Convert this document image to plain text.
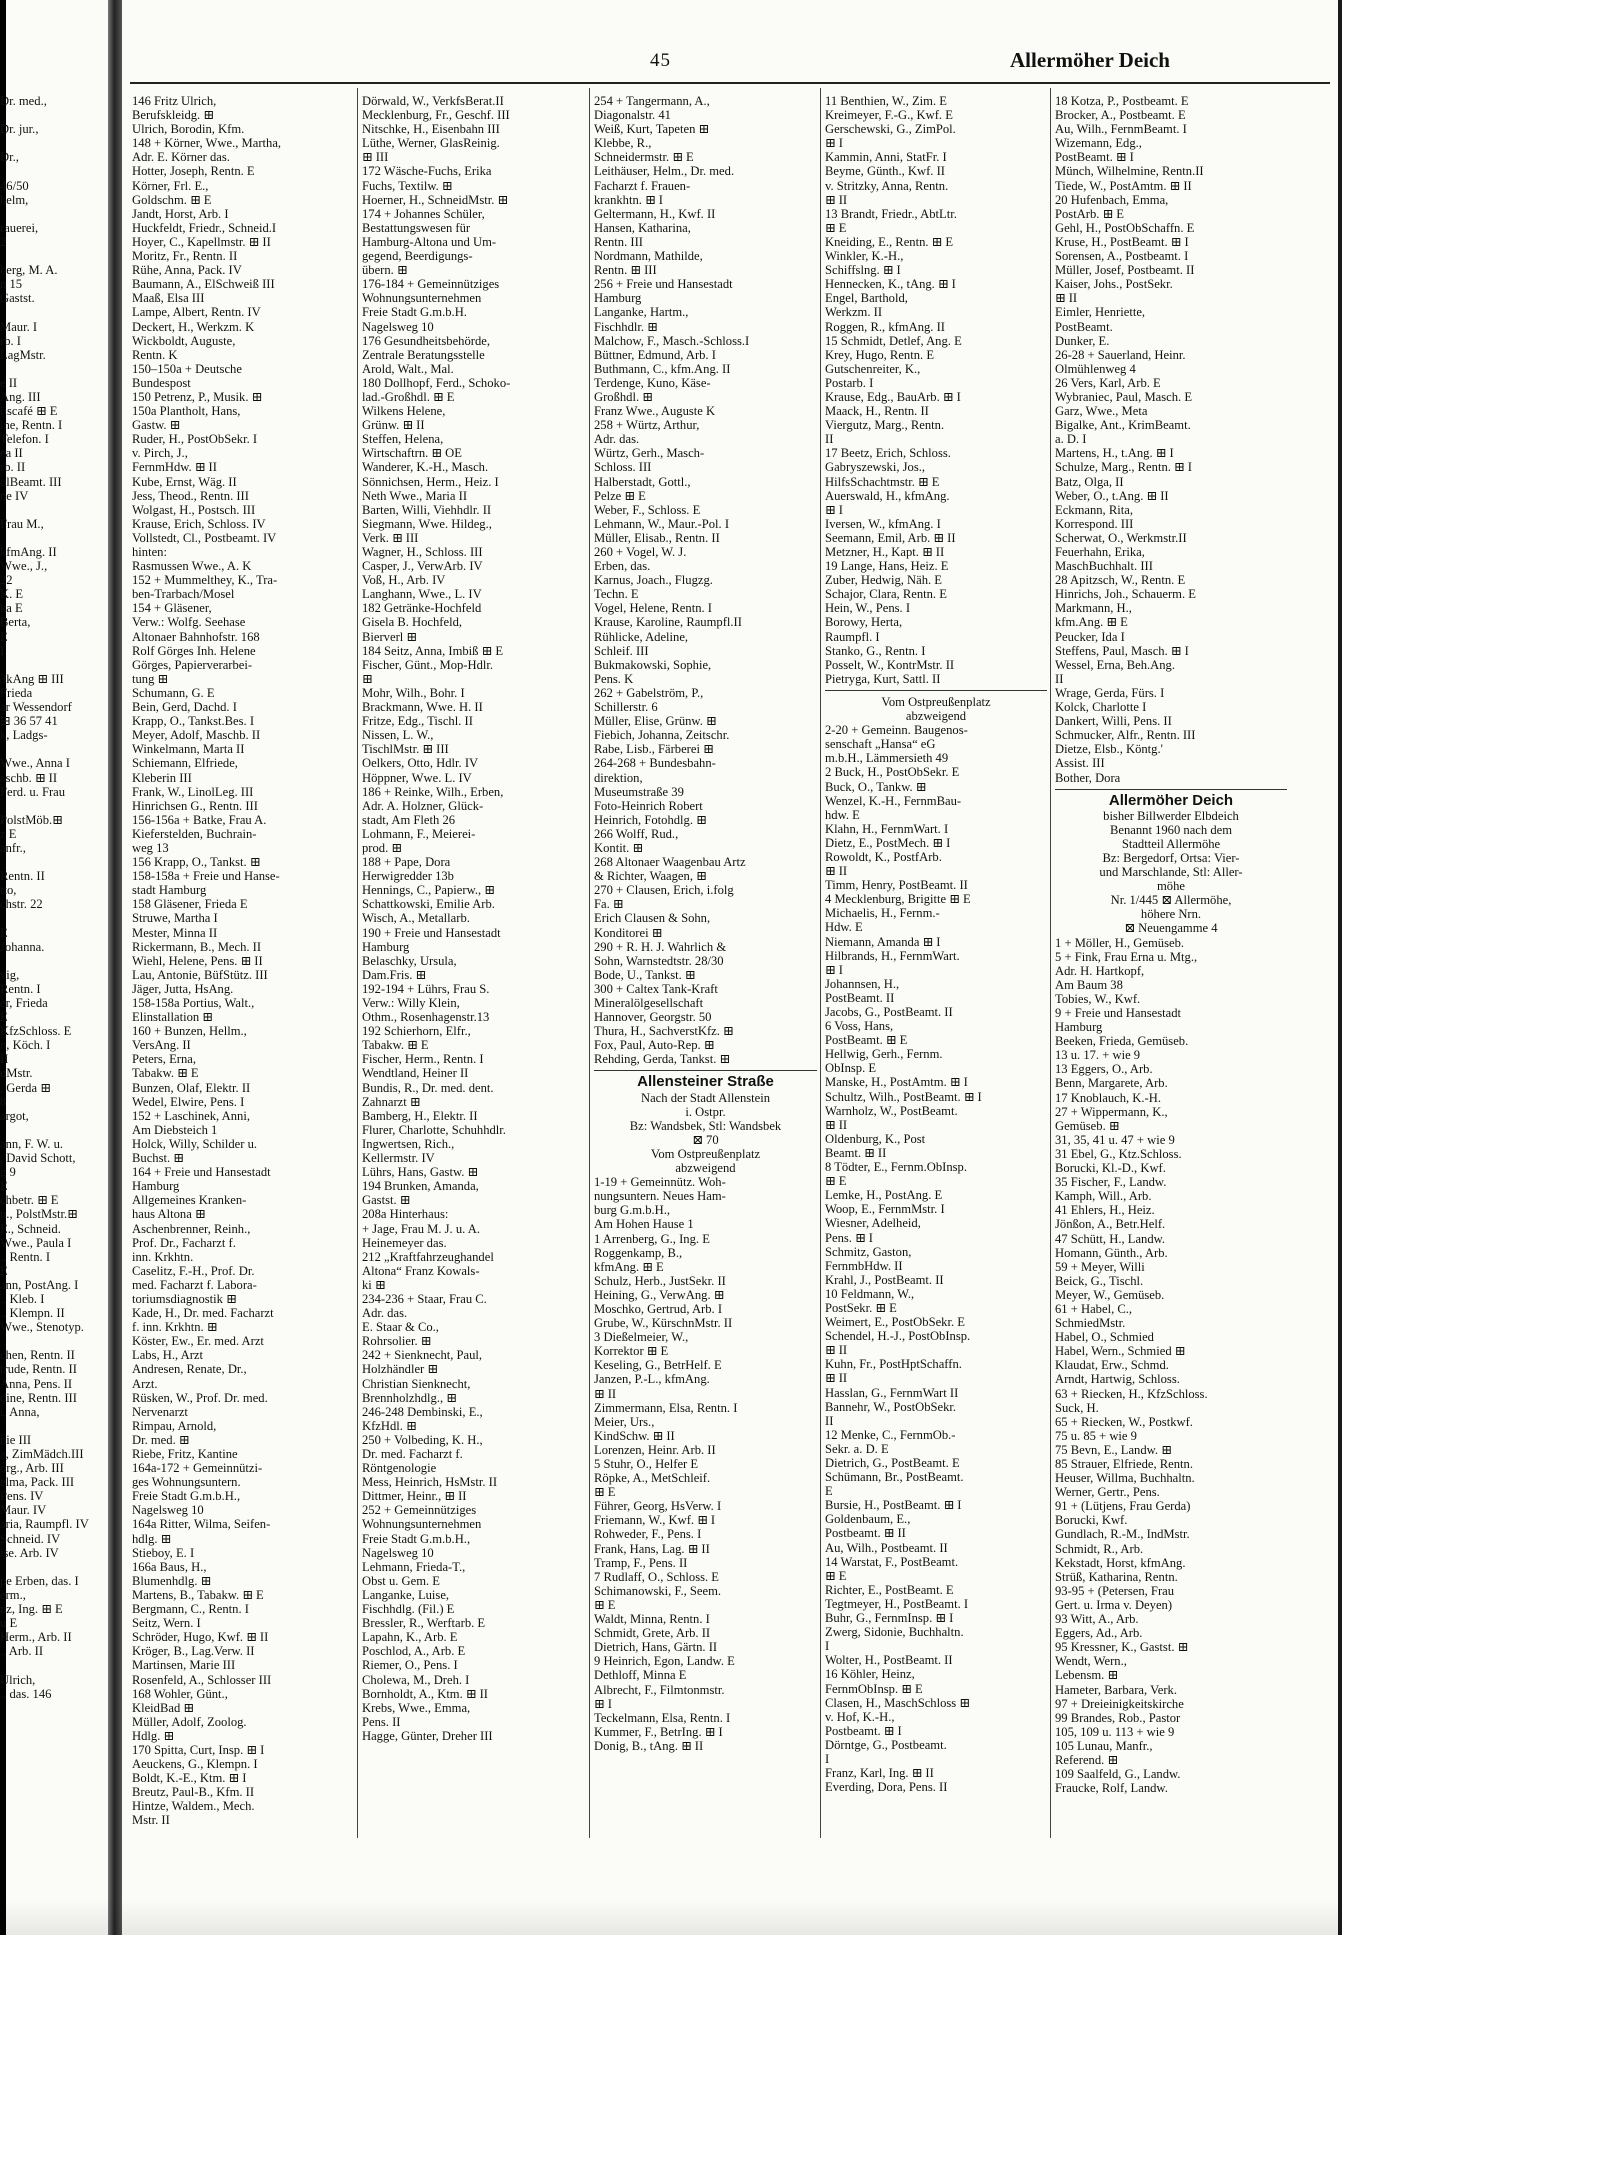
Dr. med.,

Dr. jur.,

Dr.,

46/50
helm,

rauerei,
2

berg, M. A.
n 15
Gastst.

Maur. I
rb. I
LagMstr.

e II
Ang. III
iiscafé ⊞ E
ine, Rentn. I
Telefon. I
ea II
rb. II
olBeamt. III
ne IV

Frau M.,

kfmAng. II
Wwe., J.,
22
K. E
ka E
Berta,
E
I

3kAng ⊞ III
Frieda
ar Wessendorf
⊞ 36 57 41
k, Ladgs-

Wwe., Anna I
aschb. ⊞ II
Ferd. u. Frau

PolstMöb.⊞
z E
anfr.,

Rentn. II
tto,
chstr. 22

E
Johanna.

vig,
Rentn. I
er, Frieda
E
KfzSchloss. E
n, Köch. I
II
uMstr.
, Gerda ⊞
8
argot,

ann, F. W. u.
, David Schott,
g 9
E
chbetr. ⊞ E
n., PolstMstr.⊞
E., Schneid.
Wwe., Paula I
., Rentn. I
E
ann, PostAng. I
., Kleb. I
., Klempn. II
Wwe., Stenotyp.

chen, Rentn. II
trude, Rentn. II
Anna, Pens. II
dine, Rentn. III
i, Anna,

nie III
a, ZimMädch.III
org., Arb. III
elma, Pack. III
Pens. IV
Maur. IV
aria, Raumpfl. IV
Schneid. IV
ise. Arb. IV

pe Erben, das. I
erm.,
nz, Ing. ⊞ E
u E
Herm., Arb. II
., Arb. II

Ulrich,
., das. 146
45	Allermöher Deich
146 Fritz Ulrich,
Berufskleidg. ⊞
Ulrich, Borodin, Kfm.
148 + Körner, Wwe., Martha,
Adr. E. Körner das.
Hotter, Joseph, Rentn. E
Körner, Frl. E.,
Goldschm. ⊞ E
Jandt, Horst, Arb. I
Huckfeldt, Friedr., Schneid.I
Hoyer, C., Kapellmstr. ⊞ II
Moritz, Fr., Rentn. II
Rühe, Anna, Pack. IV
Baumann, A., ElSchweiß III
Maaß, Elsa III
Lampe, Albert, Rentn. IV
Deckert, H., Werkzm. K
Wickboldt, Auguste,
Rentn. K
150–150a + Deutsche
Bundespost
150 Petrenz, P., Musik. ⊞
150a Plantholt, Hans,
Gastw. ⊞
Ruder, H., PostObSekr. I
v. Pirch, J.,
FernmHdw. ⊞ II
Kube, Ernst, Wäg. II
Jess, Theod., Rentn. III
Wolgast, H., Postsch. III
Krause, Erich, Schloss. IV
Vollstedt, Cl., Postbeamt. IV
hinten:
Rasmussen Wwe., A. K
152 + Mummelthey, K., Tra-
ben-Trarbach/Mosel
154 + Gläsener,
Verw.: Wolfg. Seehase
Altonaer Bahnhofstr. 168
Rolf Görges Inh. Helene
Görges, Papierverarbei-
tung ⊞
Schumann, G. E
Bein, Gerd, Dachd. I
Krapp, O., Tankst.Bes. I
Meyer, Adolf, Maschb. II
Winkelmann, Marta II
Schiemann, Elfriede,
Kleberin III
Frank, W., LinolLeg. III
Hinrichsen G., Rentn. III
156-156a + Batke, Frau A.
Kieferstelden, Buchrain-
weg 13
156 Krapp, O., Tankst. ⊞
158-158a + Freie und Hanse-
stadt Hamburg
158 Gläsener, Frieda E
Struwe, Martha I
Mester, Minna II
Rickermann, B., Mech. II
Wiehl, Helene, Pens. ⊞ II
Lau, Antonie, BüfStütz. III
Jäger, Jutta, HsAng.
158-158a Portius, Walt.,
Elinstallation ⊞
160 + Bunzen, Hellm.,
VersAng. II
Peters, Erna,
Tabakw. ⊞ E
Bunzen, Olaf, Elektr. II
Wedel, Elwire, Pens. I
152 + Laschinek, Anni,
Am Diebsteich 1
Holck, Willy, Schilder u.
Buchst. ⊞
164 + Freie und Hansestadt
Hamburg
Allgemeines Kranken-
haus Altona ⊞
Aschenbrenner, Reinh.,
Prof. Dr., Facharzt f.
inn. Krkhtn.
Caselitz, F.-H., Prof. Dr.
med. Facharzt f. Labora-
toriumsdiagnostik ⊞
Kade, H., Dr. med. Facharzt
f. inn. Krkhtn. ⊞
Köster, Ew., Er. med. Arzt
Labs, H., Arzt
Andresen, Renate, Dr.,
Arzt.
Rüsken, W., Prof. Dr. med.
Nervenarzt
Rimpau, Arnold,
Dr. med. ⊞
Riebe, Fritz, Kantine
164a-172 + Gemeinnützi-
ges Wohnungsuntern.
Freie Stadt G.m.b.H.,
Nagelsweg 10
164a Ritter, Wilma, Seifen-
hdlg. ⊞
Stieboy, E. I
166a Baus, H.,
Blumenhdlg. ⊞
Martens, B., Tabakw. ⊞ E
Bergmann, C., Rentn. I
Seitz, Wern. I
Schröder, Hugo, Kwf. ⊞ II
Kröger, B., Lag.Verw. II
Martinsen, Marie III
Rosenfeld, A., Schlosser III
168 Wohler, Günt.,
KleidBad ⊞
Müller, Adolf, Zoolog.
Hdlg. ⊞
170 Spitta, Curt, Insp. ⊞ I
Aeuckens, G., Klempn. I
Boldt, K.-E., Ktm. ⊞ I
Breutz, Paul-B., Kfm. II
Hintze, Waldem., Mech.
Mstr. II
Dörwald, W., VerkfsBerat.II
Mecklenburg, Fr., Geschf. III
Nitschke, H., Eisenbahn III
Lüthe, Werner, GlasReinig.
⊞ III
172 Wäsche-Fuchs, Erika
Fuchs, Textilw. ⊞
Hoerner, H., SchneidMstr. ⊞
174 + Johannes Schüler,
Bestattungswesen für
Hamburg-Altona und Um-
gegend, Beerdigungs-
übern. ⊞
176-184 + Gemeinnütziges
Wohnungsunternehmen
Freie Stadt G.m.b.H.
Nagelsweg 10
176 Gesundheitsbehörde,
Zentrale Beratungsstelle
Arold, Walt., Mal.
180 Dollhopf, Ferd., Schoko-
lad.-Großhdl. ⊞ E
Wilkens Helene,
Grünw. ⊞ II
Steffen, Helena,
Wirtschaftrn. ⊞ OE
Wanderer, K.-H., Masch.
Sönnichsen, Herm., Heiz. I
Neth Wwe., Maria II
Barten, Willi, Viehhdlr. II
Siegmann, Wwe. Hildeg.,
Verk. ⊞ III
Wagner, H., Schloss. III
Casper, J., VerwArb. IV
Voß, H., Arb. IV
Langhann, Wwe., L. IV
182 Getränke-Hochfeld
Gisela B. Hochfeld,
Bierverl ⊞
184 Seitz, Anna, Imbiß ⊞ E
Fischer, Günt., Mop-Hdlr.
⊞
Mohr, Wilh., Bohr. I
Brackmann, Wwe. H. II
Fritze, Edg., Tischl. II
Nissen, L. W.,
TischlMstr. ⊞ III
Oelkers, Otto, Hdlr. IV
Höppner, Wwe. L. IV
186 + Reinke, Wilh., Erben,
Adr. A. Holzner, Glück-
stadt, Am Fleth 26
Lohmann, F., Meierei-
prod. ⊞
188 + Pape, Dora
Herwigredder 13b
Hennings, C., Papierw., ⊞
Schattkowski, Emilie Arb.
Wisch, A., Metallarb.
190 + Freie und Hansestadt
Hamburg
Belaschky, Ursula,
Dam.Fris. ⊞
192-194 + Lührs, Frau S.
Verw.: Willy Klein,
Othm., Rosenhagenstr.13
192 Schierhorn, Elfr.,
Tabakw. ⊞ E
Fischer, Herm., Rentn. I
Wendtland, Heiner II
Bundis, R., Dr. med. dent.
Zahnarzt ⊞
Bamberg, H., Elektr. II
Flurer, Charlotte, Schuhhdlr.
Ingwertsen, Rich.,
Kellermstr. IV
Lührs, Hans, Gastw. ⊞
194 Brunken, Amanda,
Gastst. ⊞
208a Hinterhaus:
+ Jage, Frau M. J. u. A.
Heinemeyer das.
212 „Kraftfahrzeughandel
Altona“ Franz Kowals-
ki ⊞
234-236 + Staar, Frau C.
Adr. das.
E. Staar & Co.,
Rohrsolier. ⊞
242 + Sienknecht, Paul,
Holzhändler ⊞
Christian Sienknecht,
Brennholzhdlg., ⊞
246-248 Dembinski, E.,
KfzHdl. ⊞
250 + Volbeding, K. H.,
Dr. med. Facharzt f.
Röntgenologie
Mess, Heinrich, HsMstr. II
Dittmer, Heinr., ⊞ II
252 + Gemeinnütziges
Wohnungsunternehmen
Freie Stadt G.m.b.H.,
Nagelsweg 10
Lehmann, Frieda-T.,
Obst u. Gem. E
Langanke, Luise,
Fischhdlg. (Fil.) E
Bressler, R., Werftarb. E
Lapahn, K., Arb. E
Poschlod, A., Arb. E
Riemer, O., Pens. I
Cholewa, M., Dreh. I
Bornholdt, A., Ktm. ⊞ II
Krebs, Wwe., Emma,
Pens. II
Hagge, Günter, Dreher III
254 + Tangermann, A.,
Diagonalstr. 41
Weiß, Kurt, Tapeten ⊞
Klebbe, R.,
Schneidermstr. ⊞ E
Leithäuser, Helm., Dr. med.
Facharzt f. Frauen-
krankhtn. ⊞ I
Geltermann, H., Kwf. II
Hansen, Katharina,
Rentn. III
Nordmann, Mathilde,
Rentn. ⊞ III
256 + Freie und Hansestadt
Hamburg
Langanke, Hartm.,
Fischhdlr. ⊞
Malchow, F., Masch.-Schloss.I
Büttner, Edmund, Arb. I
Buthmann, C., kfm.Ang. II
Terdenge, Kuno, Käse-
Großhdl. ⊞
Franz Wwe., Auguste K
258 + Würtz, Arthur,
Adr. das.
Würtz, Gerh., Masch-
Schloss. III
Halberstadt, Gottl.,
Pelze ⊞ E
Weber, F., Schloss. E
Lehmann, W., Maur.-Pol. I
Müller, Elisab., Rentn. II
260 + Vogel, W. J.
Erben, das.
Karnus, Joach., Flugzg.
Techn. E
Vogel, Helene, Rentn. I
Krause, Karoline, Raumpfl.II
Rühlicke, Adeline,
Schleif. III
Bukmakowski, Sophie,
Pens. K
262 + Gabelström, P.,
Schillerstr. 6
Müller, Elise, Grünw. ⊞
Fiebich, Johanna, Zeitschr.
Rabe, Lisb., Färberei ⊞
264-268 + Bundesbahn-
direktion,
Museumstraße 39
Foto-Heinrich Robert
Heinrich, Fotohdlg. ⊞
266 Wolff, Rud.,
Kontit. ⊞
268 Altonaer Waagenbau Artz
& Richter, Waagen, ⊞
270 + Clausen, Erich, i.folg
Fa. ⊞
Erich Clausen & Sohn,
Konditorei ⊞
290 + R. H. J. Wahrlich &
Sohn, Warnstedtstr. 28/30
Bode, U., Tankst. ⊞
300 + Caltex Tank-Kraft
Mineralölgesellschaft
Hannover, Georgstr. 50
Thura, H., SachverstKfz. ⊞
Fox, Paul, Auto-Rep. ⊞
Rehding, Gerda, Tankst. ⊞
Allensteiner Straße
Nach der Stadt Allenstein
i. Ostpr.
Bz: Wandsbek, Stl: Wandsbek
⊠ 70
Vom Ostpreußenplatz
abzweigend
1-19 + Gemeinnütz. Woh-
nungsuntern. Neues Ham-
burg G.m.b.H.,
Am Hohen Hause 1
1 Arrenberg, G., Ing. E
Roggenkamp, B.,
kfmAng. ⊞ E
Schulz, Herb., JustSekr. II
Heining, G., VerwAng. ⊞
Moschko, Gertrud, Arb. I
Grube, W., KürschnMstr. II
3 Dießelmeier, W.,
Korrektor ⊞ E
Keseling, G., BetrHelf. E
Janzen, P.-L., kfmAng.
⊞ II
Zimmermann, Elsa, Rentn. I
Meier, Urs.,
KindSchw. ⊞ II
Lorenzen, Heinr. Arb. II
5 Stuhr, O., Helfer E
Röpke, A., MetSchleif.
⊞ E
Führer, Georg, HsVerw. I
Friemann, W., Kwf. ⊞ I
Rohweder, F., Pens. I
Frank, Hans, Lag. ⊞ II
Tramp, F., Pens. II
7 Rudlaff, O., Schloss. E
Schimanowski, F., Seem.
⊞ E
Waldt, Minna, Rentn. I
Schmidt, Grete, Arb. II
Dietrich, Hans, Gärtn. II
9 Heinrich, Egon, Landw. E
Dethloff, Minna E
Albrecht, F., Filmtonmstr.
⊞ I
Teckelmann, Elsa, Rentn. I
Kummer, F., BetrIng. ⊞ I
Donig, B., tAng. ⊞ II
11 Benthien, W., Zim. E
Kreimeyer, F.-G., Kwf. E
Gerschewski, G., ZimPol.
⊞ I
Kammin, Anni, StatFr. I
Beyme, Günth., Kwf. II
v. Stritzky, Anna, Rentn.
⊞ II
13 Brandt, Friedr., AbtLtr.
⊞ E
Kneiding, E., Rentn. ⊞ E
Winkler, K.-H.,
Schiffslng. ⊞ I
Hennecken, K., tAng. ⊞ I
Engel, Barthold,
Werkzm. II
Roggen, R., kfmAng. II
15 Schmidt, Detlef, Ang. E
Krey, Hugo, Rentn. E
Gutschenreiter, K.,
Postarb. I
Krause, Edg., BauArb. ⊞ I
Maack, H., Rentn. II
Viergutz, Marg., Rentn.
II
17 Beetz, Erich, Schloss.
Gabryszewski, Jos.,
HilfsSchachtmstr. ⊞ E
Auerswald, H., kfmAng.
⊞ I
Iversen, W., kfmAng. I
Seemann, Emil, Arb. ⊞ II
Metzner, H., Kapt. ⊞ II
19 Lange, Hans, Heiz. E
Zuber, Hedwig, Näh. E
Schajor, Clara, Rentn. E
Hein, W., Pens. I
Borowy, Herta,
Raumpfl. I
Stanko, G., Rentn. I
Posselt, W., KontrMstr. II
Pietryga, Kurt, Sattl. II
Vom Ostpreußenplatz
abzweigend
2-20 + Gemeinn. Baugenos-
senschaft „Hansa“ eG
m.b.H., Lämmersieth 49
2 Buck, H., PostObSekr. E
Buck, O., Tankw. ⊞
Wenzel, K.-H., FernmBau-
hdw. E
Klahn, H., FernmWart. I
Dietz, E., PostMech. ⊞ I
Rowoldt, K., PostfArb.
⊞ II
Timm, Henry, PostBeamt. II
4 Mecklenburg, Brigitte ⊞ E
Michaelis, H., Fernm.-
Hdw. E
Niemann, Amanda ⊞ I
Hilbrands, H., FernmWart.
⊞ I
Johannsen, H.,
PostBeamt. II
Jacobs, G., PostBeamt. II
6 Voss, Hans,
PostBeamt. ⊞ E
Hellwig, Gerh., Fernm.
ObInsp. E
Manske, H., PostAmtm. ⊞ I
Schultz, Wilh., PostBeamt. ⊞ I
Warnholz, W., PostBeamt.
⊞ II
Oldenburg, K., Post
Beamt. ⊞ II
8 Tödter, E., Fernm.ObInsp.
⊞ E
Lemke, H., PostAng. E
Woop, E., FernmMstr. I
Wiesner, Adelheid,
Pens. ⊞ I
Schmitz, Gaston,
FernmbHdw. II
Krahl, J., PostBeamt. II
10 Feldmann, W.,
PostSekr. ⊞ E
Weimert, E., PostObSekr. E
Schendel, H.-J., PostObInsp.
⊞ II
Kuhn, Fr., PostHptSchaffn.
⊞ II
Hasslan, G., FernmWart II
Bannehr, W., PostObSekr.
II
12 Menke, C., FernmOb.-
Sekr. a. D. E
Dietrich, G., PostBeamt. E
Schümann, Br., PostBeamt.
E
Bursie, H., PostBeamt. ⊞ I
Goldenbaum, E.,
Postbeamt. ⊞ II
Au, Wilh., Postbeamt. II
14 Warstat, F., PostBeamt.
⊞ E
Richter, E., PostBeamt. E
Tegtmeyer, H., PostBeamt. I
Buhr, G., FernmInsp. ⊞ I
Zwerg, Sidonie, Buchhaltn.
I
Wolter, H., PostBeamt. II
16 Köhler, Heinz,
FernmObInsp. ⊞ E
Clasen, H., MaschSchloss ⊞
v. Hof, K.-H.,
Postbeamt. ⊞ I
Dörntge, G., Postbeamt.
I
Franz, Karl, Ing. ⊞ II
Everding, Dora, Pens. II
18 Kotza, P., Postbeamt. E
Brocker, A., Postbeamt. E
Au, Wilh., FernmBeamt. I
Wizemann, Edg.,
PostBeamt. ⊞ I
Münch, Wilhelmine, Rentn.II
Tiede, W., PostAmtm. ⊞ II
20 Hufenbach, Emma,
PostArb. ⊞ E
Gehl, H., PostObSchaffn. E
Kruse, H., PostBeamt. ⊞ I
Sorensen, A., Postbeamt. I
Müller, Josef, Postbeamt. II
Kaiser, Johs., PostSekr.
⊞ II
Eimler, Henriette,
PostBeamt.
Dunker, E.
26-28 + Sauerland, Heinr.
Olmühlenweg 4
26 Vers, Karl, Arb. E
Wybraniec, Paul, Masch. E
Garz, Wwe., Meta
Bigalke, Ant., KrimBeamt.
a. D. I
Martens, H., t.Ang. ⊞ I
Schulze, Marg., Rentn. ⊞ I
Batz, Olga, II
Weber, O., t.Ang. ⊞ II
Eckmann, Rita,
Korrespond. III
Scherwat, O., Werkmstr.II
Feuerhahn, Erika,
MaschBuchhalt. III
28 Apitzsch, W., Rentn. E
Hinrichs, Joh., Schauerm. E
Markmann, H.,
kfm.Ang. ⊞ E
Peucker, Ida I
Steffens, Paul, Masch. ⊞ I
Wessel, Erna, Beh.Ang.
II
Wrage, Gerda, Fürs. I
Kolck, Charlotte I
Dankert, Willi, Pens. II
Schmucker, Alfr., Rentn. III
Dietze, Elsb., Köntg.'
Assist. III
Bother, Dora
Allermöher Deich
bisher Billwerder Elbdeich
Benannt 1960 nach dem
Stadtteil Allermöhe
Bz: Bergedorf, Ortsa: Vier-
und Marschlande, Stl: Aller-
möhe
Nr. 1/445 ⊠ Allermöhe,
höhere Nrn.
⊠ Neuengamme 4
1 + Möller, H., Gemüseb.
5 + Fink, Frau Erna u. Mtg.,
Adr. H. Hartkopf,
Am Baum 38
Tobies, W., Kwf.
9 + Freie und Hansestadt
Hamburg
Beeken, Frieda, Gemüseb.
13 u. 17. + wie 9
13 Eggers, O., Arb.
Benn, Margarete, Arb.
17 Knoblauch, K.-H.
27 + Wippermann, K.,
Gemüseb. ⊞
31, 35, 41 u. 47 + wie 9
31 Ebel, G., Ktz.Schloss.
Borucki, Kl.-D., Kwf.
35 Fischer, F., Landw.
Kamph, Will., Arb.
41 Ehlers, H., Heiz.
Jönßon, A., Betr.Helf.
47 Schütt, H., Landw.
Homann, Günth., Arb.
59 + Meyer, Willi
Beick, G., Tischl.
Meyer, W., Gemüseb.
61 + Habel, C.,
SchmiedMstr.
Habel, O., Schmied
Habel, Wern., Schmied ⊞
Klaudat, Erw., Schmd.
Arndt, Hartwig, Schloss.
63 + Riecken, H., KfzSchloss.
Suck, H.
65 + Riecken, W., Postkwf.
75 u. 85 + wie 9
75 Bevn, E., Landw. ⊞
85 Strauer, Elfriede, Rentn.
Heuser, Willma, Buchhaltn.
Werner, Gertr., Pens.
91 + (Lütjens, Frau Gerda)
Borucki, Kwf.
Gundlach, R.-M., IndMstr.
Schmidt, R., Arb.
Kekstadt, Horst, kfmAng.
Strüß, Katharina, Rentn.
93-95 + (Petersen, Frau
Gert. u. Irma v. Deyen)
93 Witt, A., Arb.
Eggers, Ad., Arb.
95 Kressner, K., Gastst. ⊞
Wendt, Wern.,
Lebensm. ⊞
Hameter, Barbara, Verk.
97 + Dreieinigkeitskirche
99 Brandes, Rob., Pastor
105, 109 u. 113 + wie 9
105 Lunau, Manfr.,
Referend. ⊞
109 Saalfeld, G., Landw.
Fraucke, Rolf, Landw.
